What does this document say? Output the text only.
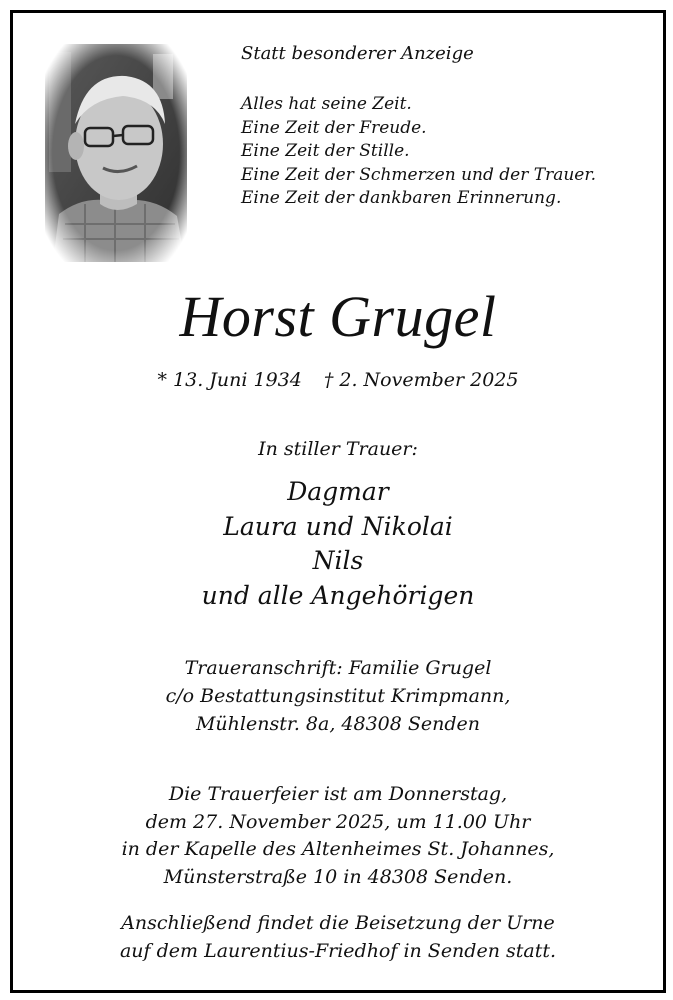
Statt besonderer Anzeige

Alles hat seine Zeit.
Eine Zeit der Freude.
Eine Zeit der Stille.
Eine Zeit der Schmerzen und der Trauer.
Eine Zeit der dankbaren Erinnerung.
Horst Grugel
* 13. Juni 1934 † 2. November 2025
In stiller Trauer:
Dagmar
Laura und Nikolai
Nils
und alle Angehörigen
Traueranschrift: Familie Grugel
c/o Bestattungsinstitut Krimpmann,
Mühlenstr. 8a, 48308 Senden
Die Trauerfeier ist am Donnerstag,
dem 27. November 2025, um 11.00 Uhr
in der Kapelle des Altenheimes St. Johannes,
Münsterstraße 10 in 48308 Senden.
Anschließend findet die Beisetzung der Urne
auf dem Laurentius-Friedhof in Senden statt.
